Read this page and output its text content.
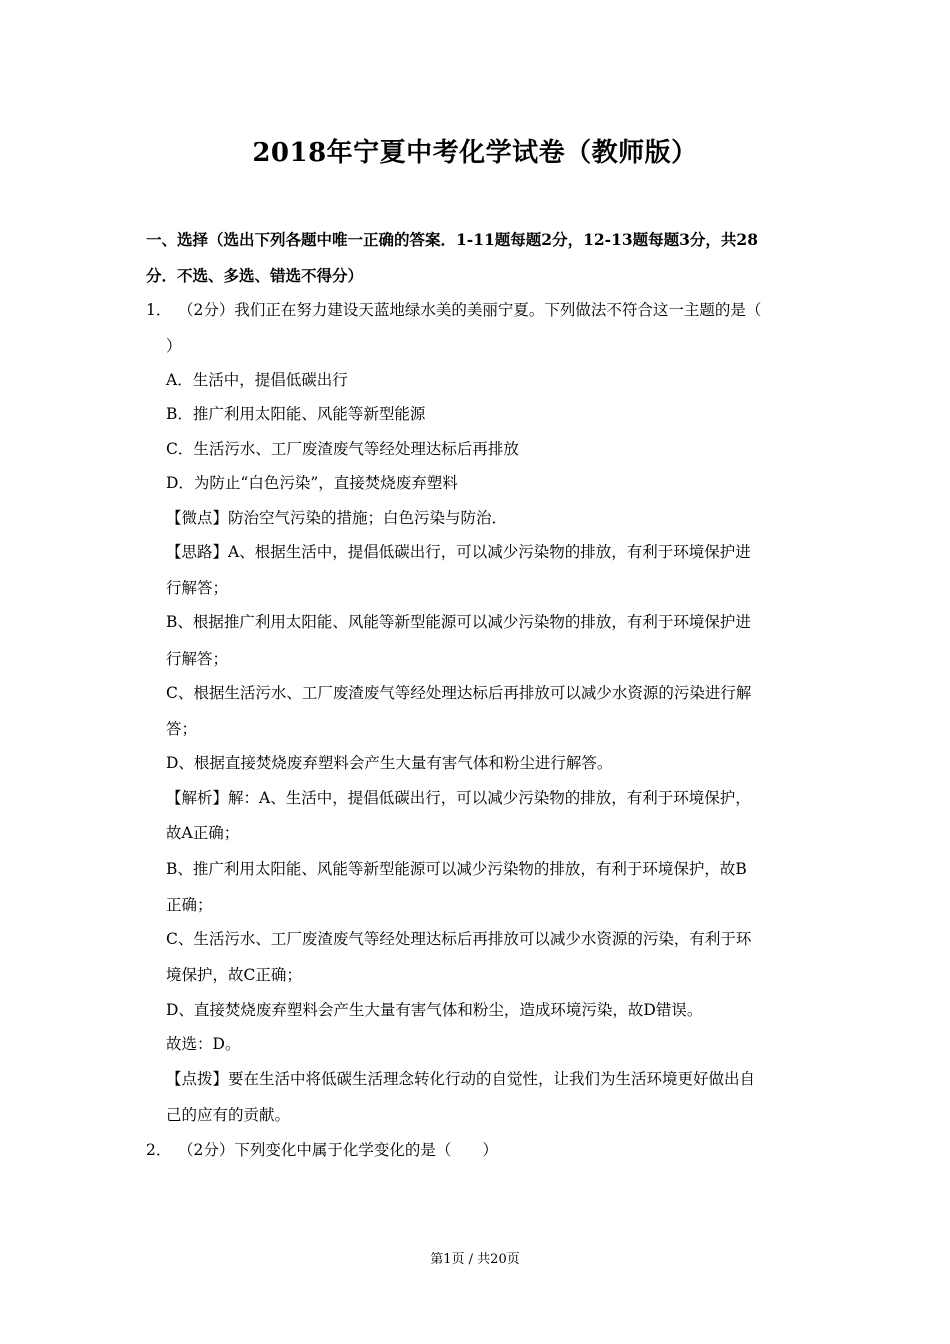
2018年宁夏中考化学试卷（教师版）
一、选择（选出下列各题中唯一正确的答案．1-11题每题2分，12-13题每题3分，共28
分．不选、多选、错选不得分）
1． （2分）我们正在努力建设天蓝地绿水美的美丽宁夏。下列做法不符合这一主题的是（
）
A．生活中，提倡低碳出行
B．推广利用太阳能、风能等新型能源
C．生活污水、工厂废渣废气等经处理达标后再排放
D．为防止“白色污染”，直接焚烧废弃塑料
【微点】防治空气污染的措施；白色污染与防治．
【思路】A、根据生活中，提倡低碳出行，可以减少污染物的排放，有利于环境保护进
行解答；
B、根据推广利用太阳能、风能等新型能源可以减少污染物的排放，有利于环境保护进
行解答；
C、根据生活污水、工厂废渣废气等经处理达标后再排放可以减少水资源的污染进行解
答；
D、根据直接焚烧废弃塑料会产生大量有害气体和粉尘进行解答。
【解析】解：A、生活中，提倡低碳出行，可以减少污染物的排放，有利于环境保护，
故A正确；
B、推广利用太阳能、风能等新型能源可以减少污染物的排放，有利于环境保护，故B
正确；
C、生活污水、工厂废渣废气等经处理达标后再排放可以减少水资源的污染，有利于环
境保护，故C正确；
D、直接焚烧废弃塑料会产生大量有害气体和粉尘，造成环境污染，故D错误。
故选：D。
【点拨】要在生活中将低碳生活理念转化行动的自觉性，让我们为生活环境更好做出自
己的应有的贡献。
2． （2分）下列变化中属于化学变化的是（　　）
第1页 / 共20页
